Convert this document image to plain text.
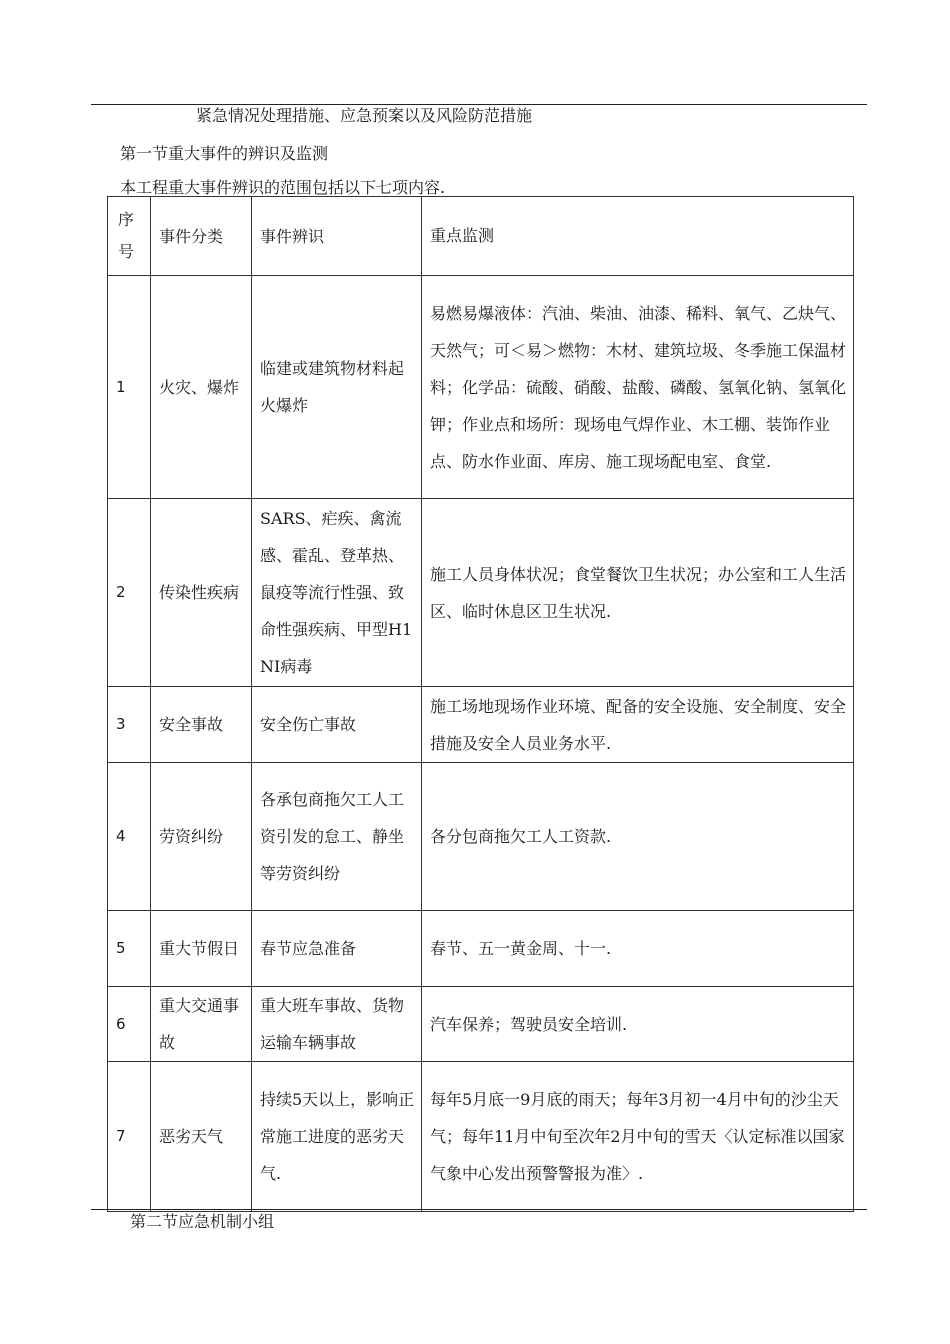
紧急情况处理措施、应急预案以及风险防范措施
第一节重大事件的辨识及监测
本工程重大事件辨识的范围包括以下七项内容.
序号	事件分类	事件辨识	重点监测
1	火灾、爆炸	临建或建筑物材料起火爆炸	易燃易爆液体：汽油、柴油、油漆、稀料、氧气、乙炔气、天然气；可＜易＞燃物：木材、建筑垃圾、冬季施工保温材料；化学品：硫酸、硝酸、盐酸、磷酸、氢氧化钠、氢氧化钾；作业点和场所：现场电气焊作业、木工棚、装饰作业点、防水作业面、库房、施工现场配电室、食堂.
2	传染性疾病	SARS、疟疾、禽流感、霍乱、登革热、鼠疫等流行性强、致命性强疾病、甲型H1NI病毒	施工人员身体状况；食堂餐饮卫生状况；办公室和工人生活区、临时休息区卫生状况.
3	安全事故	安全伤亡事故	施工场地现场作业环境、配备的安全设施、安全制度、安全措施及安全人员业务水平.
4	劳资纠纷	各承包商拖欠工人工资引发的怠工、静坐等劳资纠纷	各分包商拖欠工人工资款.
5	重大节假日	春节应急准备	春节、五一黄金周、十一.
6	重大交通事故	重大班车事故、货物运输车辆事故	汽车保养；驾驶员安全培训.
7	恶劣天气	持续5天以上，影响正常施工进度的恶劣天气.	每年5月底一9月底的雨天；每年3月初一4月中旬的沙尘天气；每年11月中旬至次年2月中旬的雪天〈认定标准以国家气象中心发出预警警报为准〉.
第二节应急机制小组
